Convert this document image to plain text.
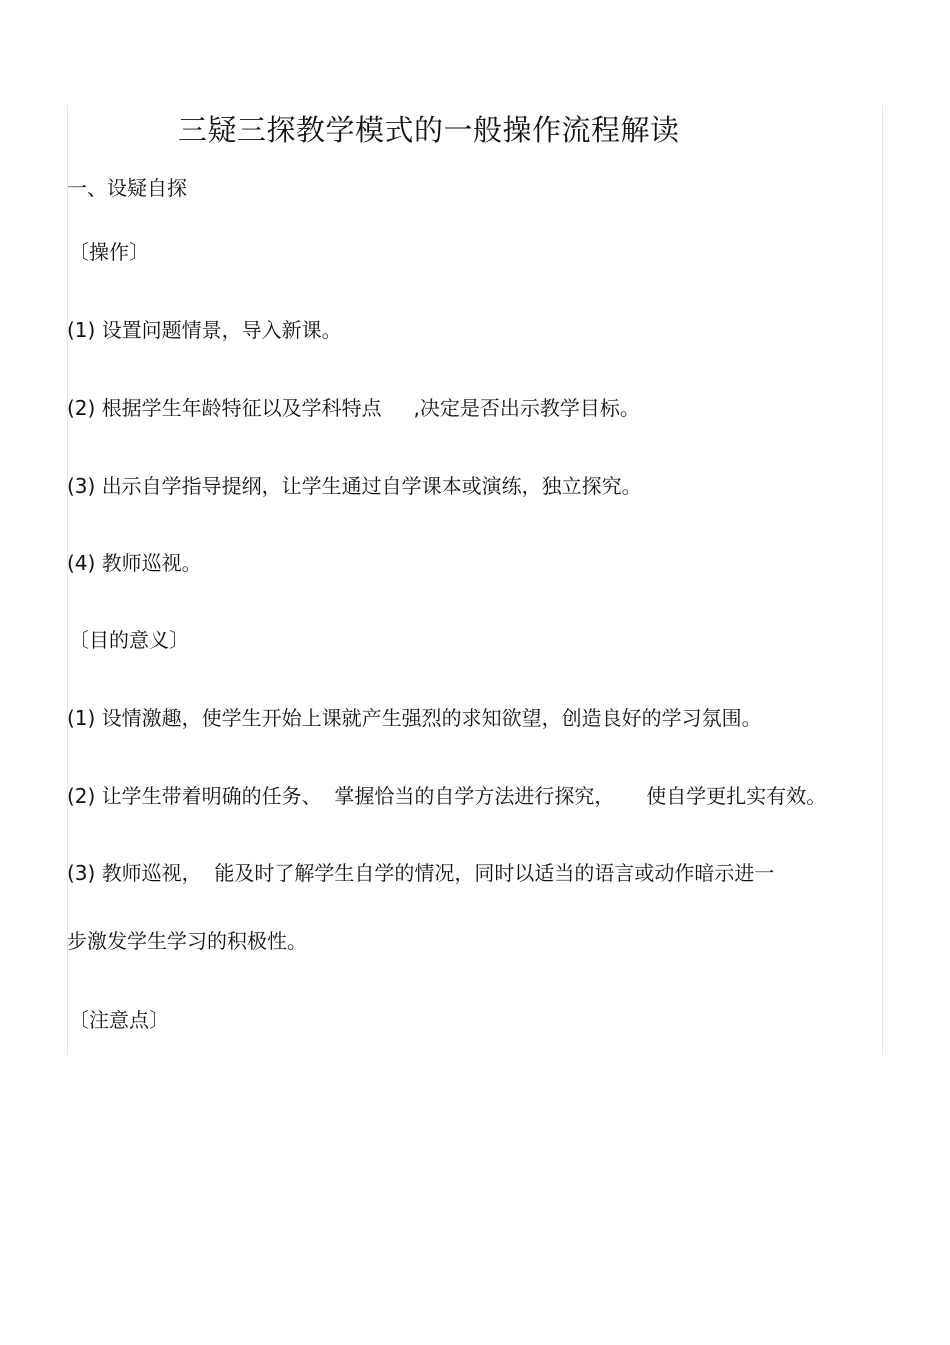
三疑三探教学模式的一般操作流程解读
一、设疑自探
〔操作〕
(1) 设置问题情景，导入新课。
(2) 根据学生年龄特征以及学科特点     ,决定是否出示教学目标。
(3) 出示自学指导提纲，让学生通过自学课本或演练，独立探究。
(4) 教师巡视。
〔目的意义〕
(1) 设情激趣，使学生开始上课就产生强烈的求知欲望，创造良好的学习氛围。
(2) 让学生带着明确的任务、  掌握恰当的自学方法进行探究，     使自学更扎实有效。
(3) 教师巡视，  能及时了解学生自学的情况，同时以适当的语言或动作暗示进一
步激发学生学习的积极性。
〔注意点〕
